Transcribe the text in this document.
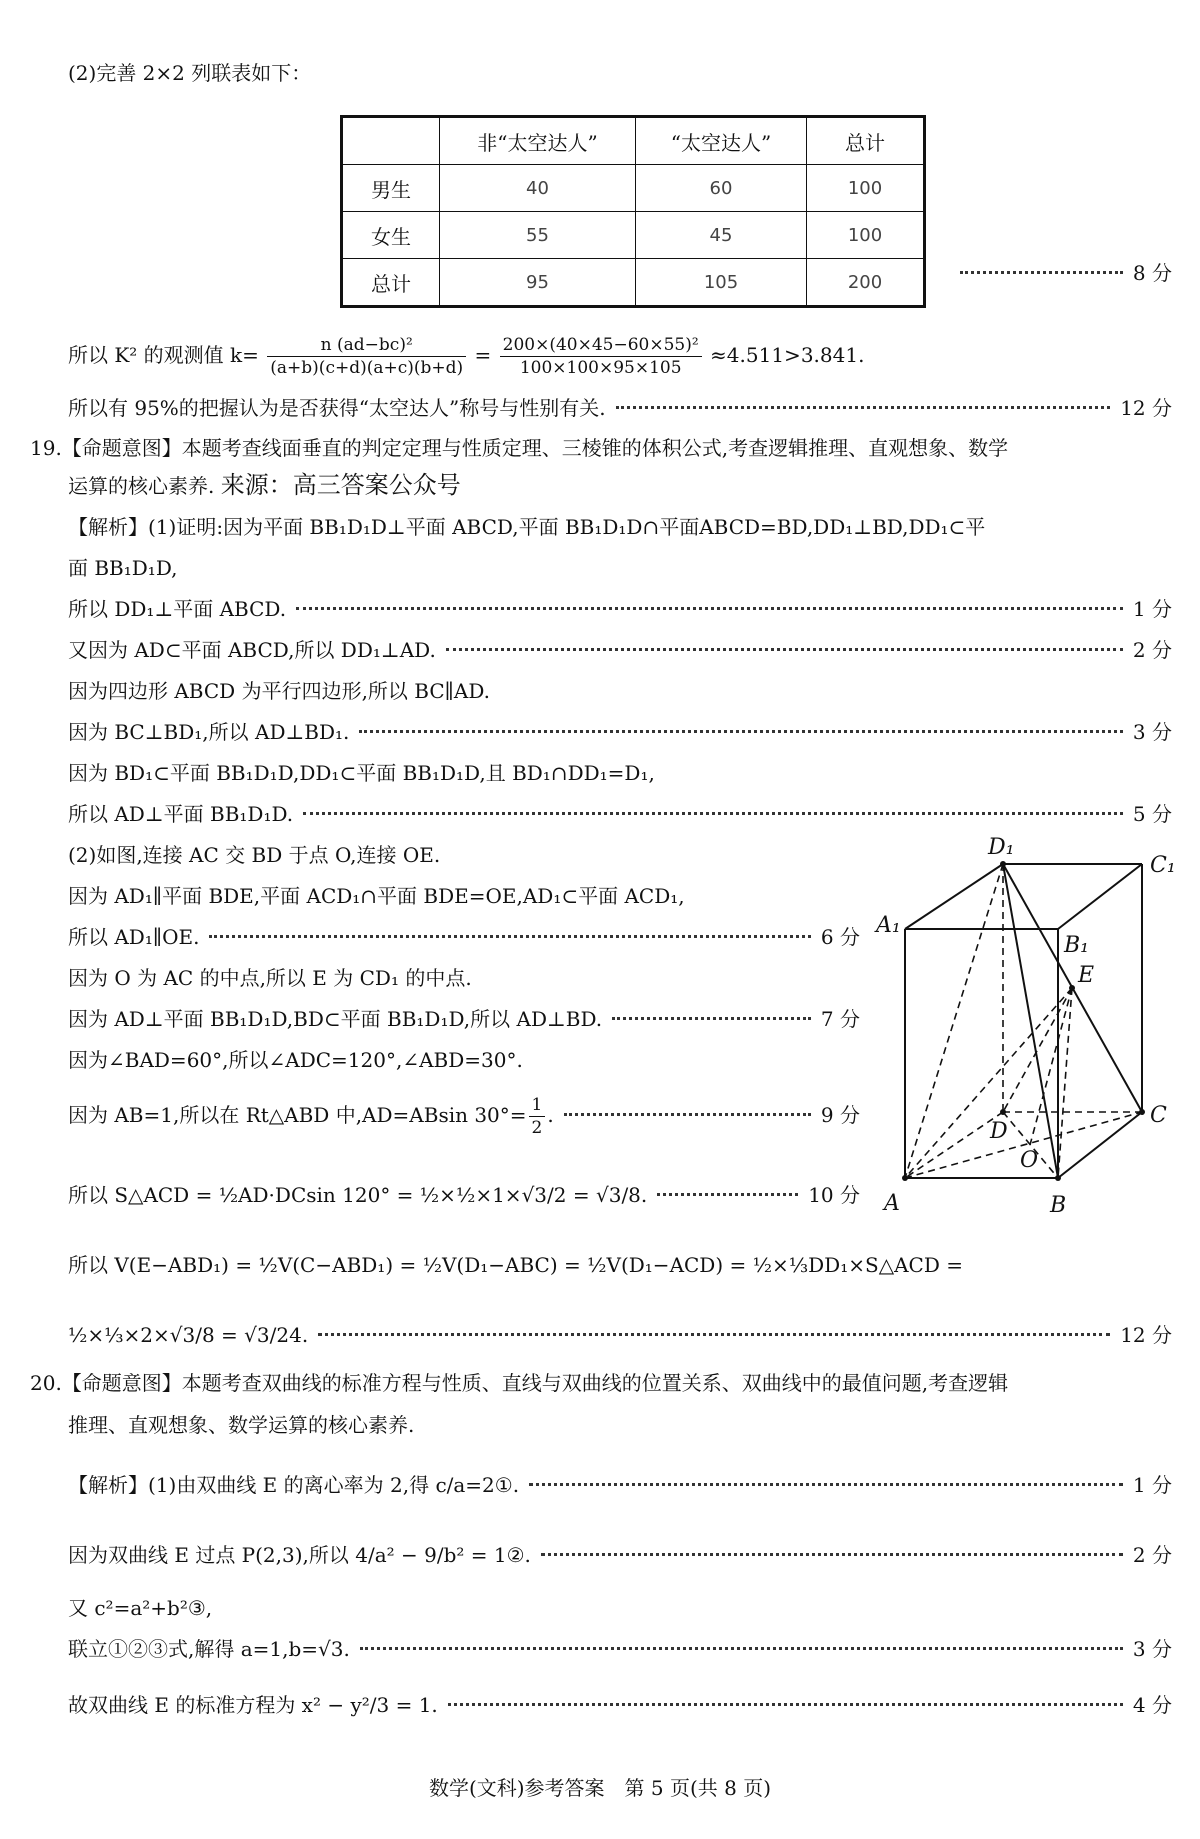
(2)完善 2×2 列联表如下：
	非“太空达人”	“太空达人”	总计
男生	40	60	100
女生	55	45	100
总计	95	105	200	8 分
所以 K² 的观测值 $k= \frac{\text{n (ad−bc)²}}{(a+b)(c+d)(a+c)(b+d)} = \frac{\text{200×(40×45−60×55)²}}{100\times 100\times 95\times 105} \approx 4.511>3.841$.
所以有 95%的把握认为是否获得“太空达人”称号与性别有关.	12 分
19.【命题意图】本题考查线面垂直的判定定理与性质定理、三棱锥的体积公式,考查逻辑推理、直观想象、数学
运算的核心素养. 来源：高三答案公众号
【解析】(1)证明:因为平面 BB₁D₁D⊥平面 ABCD,平面 BB₁D₁D∩平面ABCD=BD,DD₁⊥BD,DD₁⊂平
面 BB₁D₁D,
所以 DD₁⊥平面 ABCD.	1 分
又因为 AD⊂平面 ABCD,所以 DD₁⊥AD.	2 分
因为四边形 ABCD 为平行四边形,所以 BC∥AD.
因为 BC⊥BD₁,所以 AD⊥BD₁.	3 分
因为 BD₁⊂平面 BB₁D₁D,DD₁⊂平面 BB₁D₁D,且 BD₁∩DD₁=D₁,
所以 AD⊥平面 BB₁D₁D.	5 分
(2)如图,连接 AC 交 BD 于点 O,连接 OE.
因为 AD₁∥平面 BDE,平面 ACD₁∩平面 BDE=OE,AD₁⊂平面 ACD₁,
所以 AD₁∥OE.	6 分
因为 O 为 AC 的中点,所以 E 为 CD₁ 的中点.
因为 AD⊥平面 BB₁D₁D,BD⊂平面 BB₁D₁D,所以 AD⊥BD.	7 分
因为∠BAD=60°,所以∠ADC=120°,∠ABD=30°.
因为 AB=1,所以在 Rt△ABD 中,AD=ABsin $30^\circ= \frac{1}{2}$ .	9 分
所以 S△ACD = ½AD·DCsin 120° = ½×½×1×√3/2 = √3/8.	10 分
所以 V(E−ABD₁) = ½V(C−ABD₁) = ½V(D₁−ABC) = ½V(D₁−ACD) = ½×⅓DD₁×S△ACD =
½×⅓×2×√3/8 = √3/24.	12 分
D₁
C₁
A₁
B₁
E
D
C
O
A	B
20.【命题意图】本题考查双曲线的标准方程与性质、直线与双曲线的位置关系、双曲线中的最值问题,考查逻辑
推理、直观想象、数学运算的核心素养.
【解析】(1)由双曲线 E 的离心率为 2,得 c/a=2①.	1 分
因为双曲线 E 过点 P(2,3),所以 4/a² − 9/b² = 1②.	2 分
又 c²=a²+b²③,
联立①②③式,解得 a=1,b=√3.	3 分
故双曲线 E 的标准方程为 x² − y²/3 = 1.	4 分
数学(文科)参考答案　第 5 页(共 8 页)
